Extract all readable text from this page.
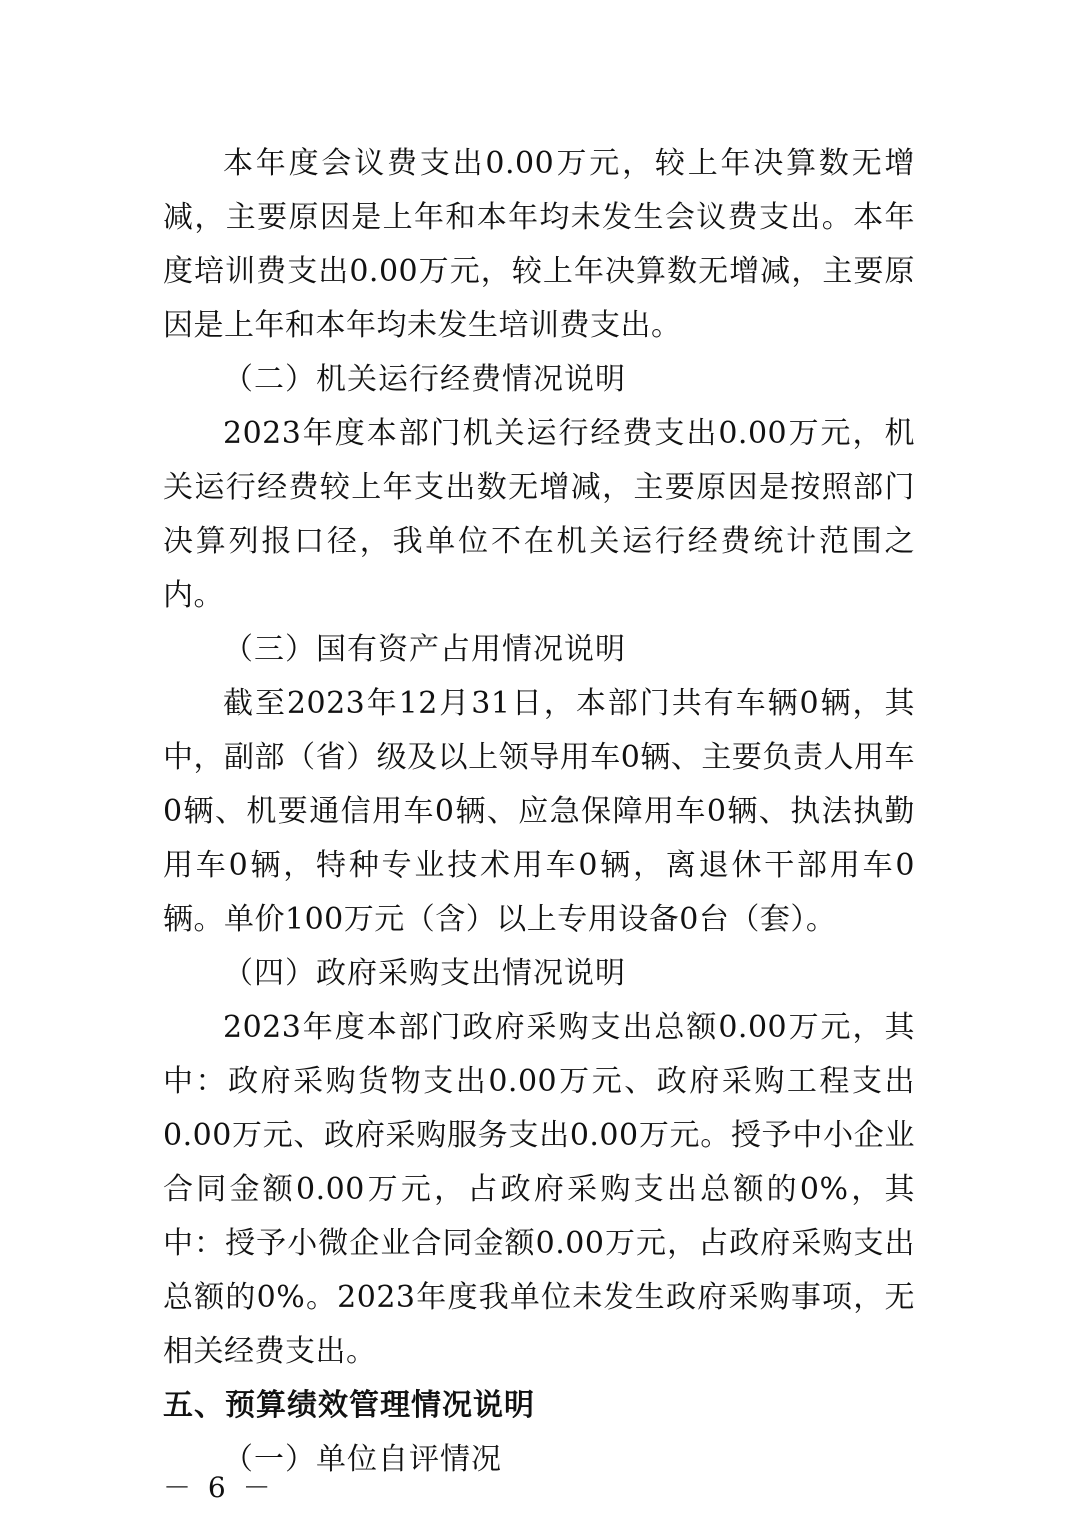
本年度会议费支出0.00万元，较上年决算数无增减，主要原因是上年和本年均未发生会议费支出。本年度培训费支出0.00万元，较上年决算数无增减，主要原因是上年和本年均未发生培训费支出。

（二）机关运行经费情况说明

2023年度本部门机关运行经费支出0.00万元，机关运行经费较上年支出数无增减，主要原因是按照部门决算列报口径，我单位不在机关运行经费统计范围之内。

（三）国有资产占用情况说明

截至2023年12月31日，本部门共有车辆0辆，其中，副部（省）级及以上领导用车0辆、主要负责人用车0辆、机要通信用车0辆、应急保障用车0辆、执法执勤用车0辆，特种专业技术用车0辆，离退休干部用车0辆。单价100万元（含）以上专用设备0台（套）。

（四）政府采购支出情况说明

2023年度本部门政府采购支出总额0.00万元，其中：政府采购货物支出0.00万元、政府采购工程支出0.00万元、政府采购服务支出0.00万元。授予中小企业合同金额0.00万元，占政府采购支出总额的0%，其中：授予小微企业合同金额0.00万元，占政府采购支出总额的0%。2023年度我单位未发生政府采购事项，无相关经费支出。

五、预算绩效管理情况说明

（一）单位自评情况

－ 6 －
